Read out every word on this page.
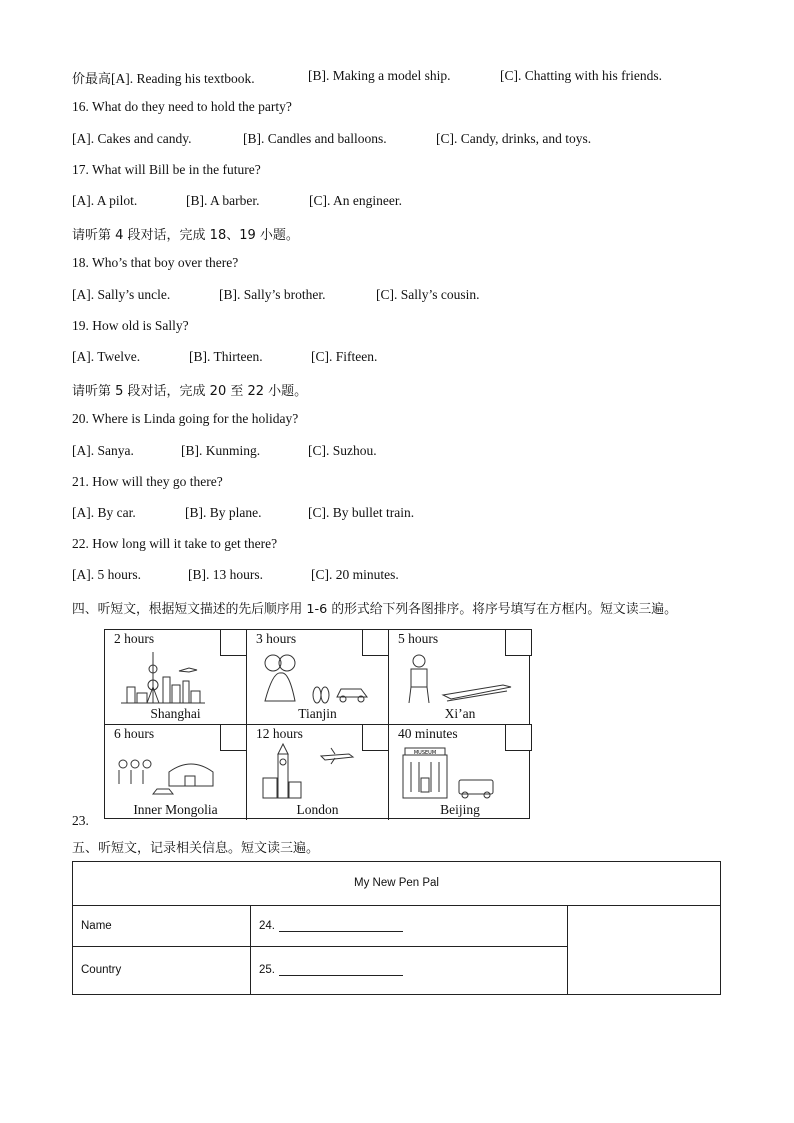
价最高[A]. Reading his textbook.	[B]. Making a model ship.	[C]. Chatting with his friends.
16. What do they need to hold the party?
[A]. Cakes and candy.	[B]. Candles and balloons.	[C]. Candy, drinks, and toys.
17. What will Bill be in the future?
[A]. A pilot.	[B]. A barber.	[C]. An engineer.
请听第 4 段对话，完成 18、19 小题。
18. Who’s that boy over there?
[A]. Sally’s uncle.	[B]. Sally’s brother.	[C]. Sally’s cousin.
19. How old is Sally?
[A]. Twelve.	[B]. Thirteen.	[C]. Fifteen.
请听第 5 段对话，完成 20 至 22 小题。
20. Where is Linda going for the holiday?
[A]. Sanya.	[B]. Kunming.	[C]. Suzhou.
21. How will they go there?
[A]. By car.	[B]. By plane.	[C]. By bullet train.
22. How long will it take to get there?
[A]. 5 hours.	[B]. 13 hours.	[C]. 20 minutes.
四、听短文，根据短文描述的先后顺序用 1-6 的形式给下列各图排序。将序号填写在方框内。短文读三遍。
2 hours
Shanghai
3 hours
Tianjin
5 hours
Xi’an
6 hours
Inner Mongolia
12 hours
London
40 minutes
MUSEUM
Beijing
23.
五、听短文，记录相关信息。短文读三遍。
My New Pen Pal
Name	24.
Country	25.
